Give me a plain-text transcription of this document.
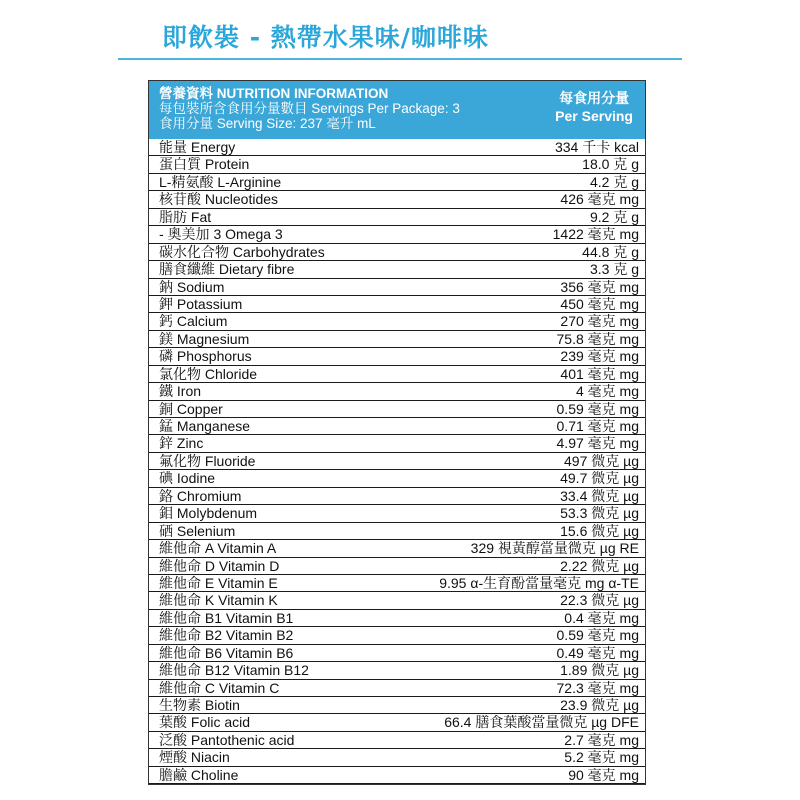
即飲裝 - 熱帶水果味/咖啡味
營養資料 NUTRITION INFORMATION
每包裝所含食用分量數目 Servings Per Package: 3
食用分量 Serving Size: 237 毫升 mL
每食用分量
Per Serving
能量 Energy	334 千卡 kcal
蛋白質 Protein	18.0 克 g
L-精氨酸 L-Arginine	4.2 克 g
核苷酸 Nucleotides	426 毫克 mg
脂肪 Fat	9.2 克 g
- 奧美加 3 Omega 3	1422 毫克 mg
碳水化合物 Carbohydrates	44.8 克 g
膳食纖維 Dietary fibre	3.3 克 g
鈉 Sodium	356 毫克 mg
鉀 Potassium	450 毫克 mg
鈣 Calcium	270 毫克 mg
鎂 Magnesium	75.8 毫克 mg
磷 Phosphorus	239 毫克 mg
氯化物 Chloride	401 毫克 mg
鐵 Iron	4 毫克 mg
銅 Copper	0.59 毫克 mg
錳 Manganese	0.71 毫克 mg
鋅 Zinc	4.97 毫克 mg
氟化物 Fluoride	497 微克 µg
碘 Iodine	49.7 微克 µg
鉻 Chromium	33.4 微克 µg
鉬 Molybdenum	53.3 微克 µg
硒 Selenium	15.6 微克 µg
維他命 A Vitamin A	329 視黃醇當量微克 µg RE
維他命 D Vitamin D	2.22 微克 µg
維他命 E Vitamin E	9.95 α-生育酚當量毫克 mg α-TE
維他命 K Vitamin K	22.3 微克 µg
維他命 B1 Vitamin B1	0.4 毫克 mg
維他命 B2 Vitamin B2	0.59 毫克 mg
維他命 B6 Vitamin B6	0.49 毫克 mg
維他命 B12 Vitamin B12	1.89 微克 µg
維他命 C Vitamin C	72.3 毫克 mg
生物素 Biotin	23.9 微克 µg
葉酸 Folic acid	66.4 膳食葉酸當量微克 µg DFE
泛酸 Pantothenic acid	2.7 毫克 mg
煙酸 Niacin	5.2 毫克 mg
膽鹼 Choline	90 毫克 mg
